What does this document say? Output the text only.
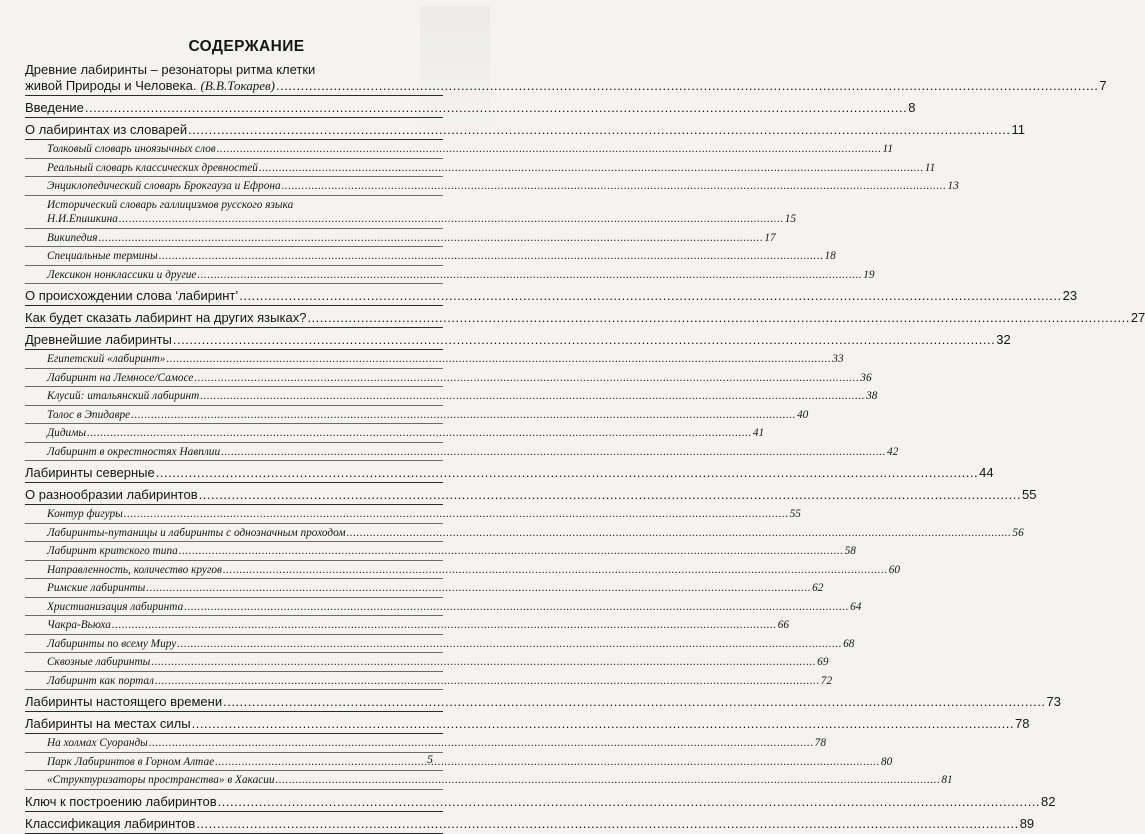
СОДЕРЖАНИЕ
Древние лабиринты – резонаторы ритма клетки
живой Природы и Человека. (В.В.Токарев) .....	7
Введение .....	8
О лабиринтах из словарей .....	11
Толковый словарь иноязычных слов .....	11
Реальный словарь классических древностей .....	11
Энциклопедический словарь Брокгауза и Ефрона .....	13
Исторический словарь галлицизмов русского языка
Н.И.Епишкина .....	15
Википедия .....	17
Специальные термины .....	18
Лексикон нонклассики и другие .....	19
О происхождении слова ‘лабиринт’ .....	23
Как будет сказать лабиринт на других языках? .....	27
Древнейшие лабиринты .....	32
Египетский «лабиринт» .....	33
Лабиринт на Лемносе/Самосе .....	36
Клусий: итальянский лабиринт .....	38
Толос в Эпидавре .....	40
Дидимы .....	41
Лабиринт в окрестностях Навплии .....	42
Лабиринты северные .....	44
О разнообразии лабиринтов .....	55
Контур фигуры .....	55
Лабиринты-путаницы и лабиринты с однозначным проходом .....	56
Лабиринт критского типа .....	58
Направленность, количество кругов .....	60
Римские лабиринты .....	62
Христианизация лабиринта .....	64
Чакра-Вьюха .....	66
Лабиринты по всему Миру .....	68
Сквозные лабиринты .....	69
Лабиринт как портал .....	72
Лабиринты настоящего времени .....	73
Лабиринты на местах силы .....	78
На холмах Суоранды .....	78
Парк Лабиринтов в Горном Алтае .....	80
«Структуризаторы пространства» в Хакасии .....	81
Ключ к построению лабиринтов .....	82
Классификация лабиринтов .....	89
5
